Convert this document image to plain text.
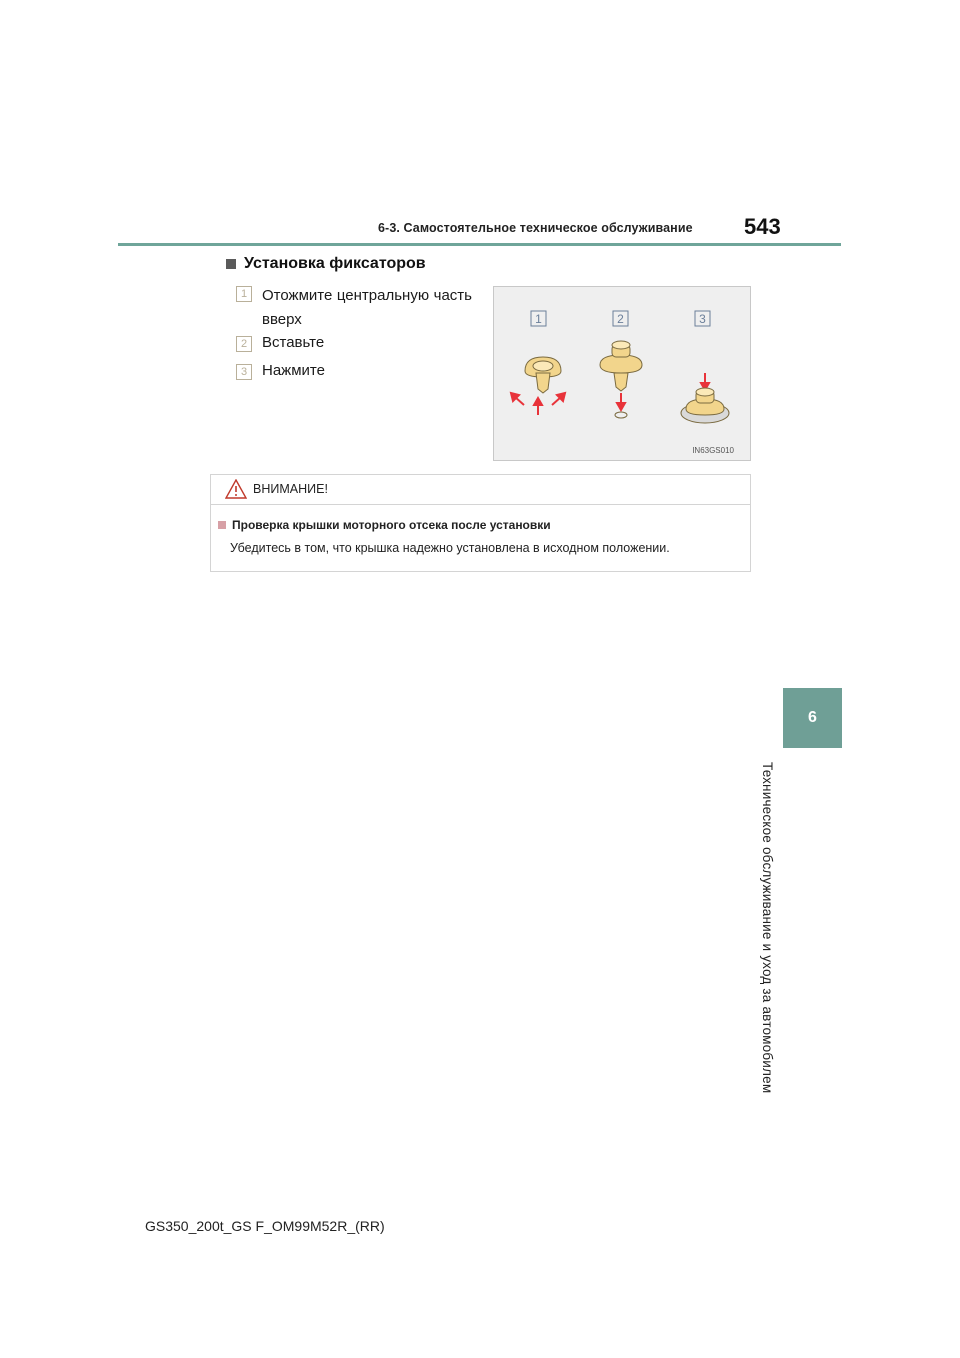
6-3. Самостоятельное техническое обслуживание 543
6
Техническое обслуживание и уход за автомобилем
Установка фиксаторов
1 Отожмите центральную часть вверх
2 Вставьте
3 Нажмите
1	2	3
IN63GS010
ВНИМАНИЕ!
Проверка крышки моторного отсека после установки
Убедитесь в том, что крышка надежно установлена в исходном положении.
GS350_200t_GS F_OM99M52R_(RR)
